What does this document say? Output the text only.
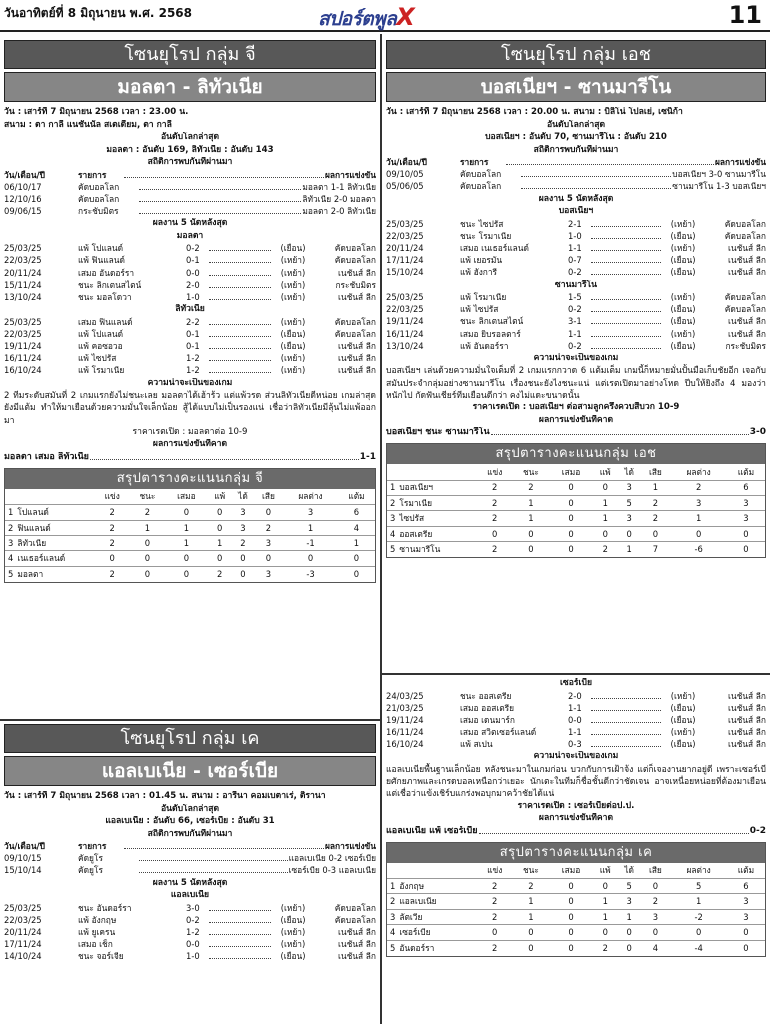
วันอาทิตย์ที่ 8 มิถุนายน พ.ศ. 2568	สปอร์ตพูลX	11
โซนยุโรป กลุ่ม จี
มอลตา - ลิทัวเนีย
วัน : เสาร์ที่ 7 มิถุนายน 2568 เวลา : 23.00 น.
สนาม : ตา กาลี แนชันนัล สเตเดียม, ตา กาลี
อันดับโลกล่าสุด
มอลตา : อันดับ 169, ลิทัวเนีย : อันดับ 143
สถิติการพบกันที่ผ่านมา
วัน/เดือน/ปี	รายการ	ผลการแข่งขัน
06/10/17	คัดบอลโลก	มอลตา 1-1 ลิทัวเนีย
12/10/16	คัดบอลโลก	ลิทัวเนีย 2-0 มอลตา
09/06/15	กระชับมิตร	มอลตา 2-0 ลิทัวเนีย
ผลงาน 5 นัดหลังสุด
มอลตา
25/03/25	แพ้ โปแลนด์	0-2	(เยือน)	คัดบอลโลก
22/03/25	แพ้ ฟินแลนด์	0-1	(เหย้า)	คัดบอลโลก
20/11/24	เสมอ อันดอร์รา	0-0	(เหย้า)	เนชันส์ ลีก
15/11/24	ชนะ ลิกเตนสไตน์	2-0	(เหย้า)	กระชับมิตร
13/10/24	ชนะ มอลโดวา	1-0	(เหย้า)	เนชันส์ ลีก
ลิทัวเนีย
25/03/25	เสมอ ฟินแลนด์	2-2	(เหย้า)	คัดบอลโลก
22/03/25	แพ้ โปแลนด์	0-1	(เยือน)	คัดบอลโลก
19/11/24	แพ้ คอซอวอ	0-1	(เยือน)	เนชันส์ ลีก
16/11/24	แพ้ ไซปรัส	1-2	(เหย้า)	เนชันส์ ลีก
16/10/24	แพ้ โรมาเนีย	1-2	(เหย้า)	เนชันส์ ลีก
ความน่าจะเป็นของเกม
2 ทีมระดับสมันที่ 2 เกมแรกยังไม่ชนะเลย มอลตาได้เฮ้าร้ว แต่แพ้วรด ส่วนลิทัวเนียดีหน่อย เกมล่าสุดยังมีแต้ม ทำให้มาเยือนด้วยความมั่นใจเล็กน้อย สู้ได้แบบไม่เป็นรองแน่ เชื่อว่าลิทัวเนียมีลุ้นไม่แพ้ออกมา
ราคาเรตเปิด : มอลตาต่อ 10-9
ผลการแข่งขันที่คาด
มอลตา เสมอ ลิทัวเนีย	1-1
สรุปตารางคะแนนกลุ่ม จี
	แข่ง	ชนะ	เสมอ	แพ้	ได้	เสีย	ผลต่าง	แต้ม
1 โปแลนด์	2	2	0	0	3	0	3	6
2 ฟินแลนด์	2	1	1	0	3	2	1	4
3 ลิทัวเนีย	2	0	1	1	2	3	-1	1
4 เนเธอร์แลนด์	0	0	0	0	0	0	0	0
5 มอลตา	2	0	0	2	0	3	-3	0
โซนยุโรป กลุ่ม เค
แอลเบเนีย - เซอร์เบีย
วัน : เสาร์ที่ 7 มิถุนายน 2568 เวลา : 01.45 น. สนาม : อารีนา คอมเบตาเร่, ติรานา
อันดับโลกล่าสุด
แอลเบเนีย : อันดับ 66, เซอร์เบีย : อันดับ 31
สถิติการพบกันที่ผ่านมา
วัน/เดือน/ปี	รายการ	ผลการแข่งขัน
09/10/15	คัดยูโร	แอลเบเนีย 0-2 เซอร์เบีย
15/10/14	คัดยูโร	เซอร์เบีย 0-3 แอลเบเนีย
ผลงาน 5 นัดหลังสุด
แอลเบเนีย
25/03/25	ชนะ อันดอร์รา	3-0	(เหย้า)	คัดบอลโลก
22/03/25	แพ้ อังกฤษ	0-2	(เยือน)	คัดบอลโลก
20/11/24	แพ้ ยูเครน	1-2	(เหย้า)	เนชันส์ ลีก
17/11/24	เสมอ เช็ก	0-0	(เหย้า)	เนชันส์ ลีก
14/10/24	ชนะ จอร์เจีย	1-0	(เยือน)	เนชันส์ ลีก
โซนยุโรป กลุ่ม เอช
บอสเนียฯ - ซานมารีโน
วัน : เสาร์ที่ 7 มิถุนายน 2568 เวลา : 20.00 น. สนาม : บิลิโน่ โปลเย่, เซนิก้า
อันดับโลกล่าสุด
บอสเนียฯ : อันดับ 70, ซานมารีโน : อันดับ 210
สถิติการพบกันที่ผ่านมา
วัน/เดือน/ปี	รายการ	ผลการแข่งขัน
09/10/05	คัดบอลโลก	บอสเนียฯ 3-0 ซานมารีโน
05/06/05	คัดบอลโลก	ซานมารีโน 1-3 บอสเนียฯ
ผลงาน 5 นัดหลังสุด
บอสเนียฯ
25/03/25	ชนะ ไซปรัส	2-1	(เหย้า)	คัดบอลโลก
22/03/25	ชนะ โรมาเนีย	1-0	(เยือน)	คัดบอลโลก
20/11/24	เสมอ เนเธอร์แลนด์	1-1	(เหย้า)	เนชันส์ ลีก
17/11/24	แพ้ เยอรมัน	0-7	(เยือน)	เนชันส์ ลีก
15/10/24	แพ้ ฮังการี	0-2	(เยือน)	เนชันส์ ลีก
ซานมารีโน
25/03/25	แพ้ โรมาเนีย	1-5	(เหย้า)	คัดบอลโลก
22/03/25	แพ้ ไซปรัส	0-2	(เยือน)	คัดบอลโลก
19/11/24	ชนะ ลิกเตนสไตน์	3-1	(เยือน)	เนชันส์ ลีก
16/11/24	เสมอ ยิบรอลตาร์	1-1	(เหย้า)	เนชันส์ ลีก
13/10/24	แพ้ อันดอร์รา	0-2	(เยือน)	กระชับมิตร
ความน่าจะเป็นของเกม
บอสเนียฯ เล่นด้วยความมั่นใจเต็มที่ 2 เกมแรกกวาด 6 แต้มเต็ม เกมนี้ก็หมายมั่นปั้นมือเก็บชัยอีก เจอกับสมันประจำกลุ่มอย่างซานมารีโน เรื่องชนะยังไงชนะแน่ แต่เรตเปิดมาอย่างโหด ปีบให้ยิงถึง 4 มองว่าหนักไป กัดฟันเชียร์ทีมเยือนดีกว่า คงไม่แดะขนาดนั้น
ราคาเรตเปิด : บอสเนียฯ ต่อสามลูกครึ่งควบสี่บวก 10-9
ผลการแข่งขันที่คาด
บอสเนียฯ ชนะ ซานมารีโน	3-0
สรุปตารางคะแนนกลุ่ม เอช
	แข่ง	ชนะ	เสมอ	แพ้	ได้	เสีย	ผลต่าง	แต้ม
1 บอสเนียฯ	2	2	0	0	3	1	2	6
2 โรมาเนีย	2	1	0	1	5	2	3	3
3 ไซปรัส	2	1	0	1	3	2	1	3
4 ออสเตรีย	0	0	0	0	0	0	0	0
5 ซานมารีโน	2	0	0	2	1	7	-6	0
เซอร์เบีย
24/03/25	ชนะ ออสเตรีย	2-0	(เหย้า)	เนชันส์ ลีก
21/03/25	เสมอ ออสเตรีย	1-1	(เยือน)	เนชันส์ ลีก
19/11/24	เสมอ เดนมาร์ก	0-0	(เยือน)	เนชันส์ ลีก
16/11/24	เสมอ สวิตเซอร์แลนด์	1-1	(เหย้า)	เนชันส์ ลีก
16/10/24	แพ้ สเปน	0-3	(เยือน)	เนชันส์ ลีก
ความน่าจะเป็นของเกม
แอลเบเนียพื้นฐานเล็กน้อย หลังชนะมาในเกมก่อน บวกกับการเฝ้าจ้ง แต่ก็เจองานยากอยู่ดี เพราะเซอร์เบียศักยภาพและเกรดบอลเหนือกว่าเยอะ นักเตะในทีมก็ชื่อชั้นดีกว่าชัดเจน อาจเหนื่อยหน่อยที่ต้องมาเยือน แต่เชื่อว่าแข้งเชิร์บแกร่งพอบุกมาคว้าชัยได้แน่
ราคาเรตเปิด : เซอร์เบียต่อป.ป.
ผลการแข่งขันที่คาด
แอลเบเนีย แพ้ เซอร์เบีย	0-2
สรุปตารางคะแนนกลุ่ม เค
	แข่ง	ชนะ	เสมอ	แพ้	ได้	เสีย	ผลต่าง	แต้ม
1 อังกฤษ	2	2	0	0	5	0	5	6
2 แอลเบเนีย	2	1	0	1	3	2	1	3
3 ลัตเวีย	2	1	0	1	1	3	-2	3
4 เซอร์เบีย	0	0	0	0	0	0	0	0
5 อันดอร์รา	2	0	0	2	0	4	-4	0
